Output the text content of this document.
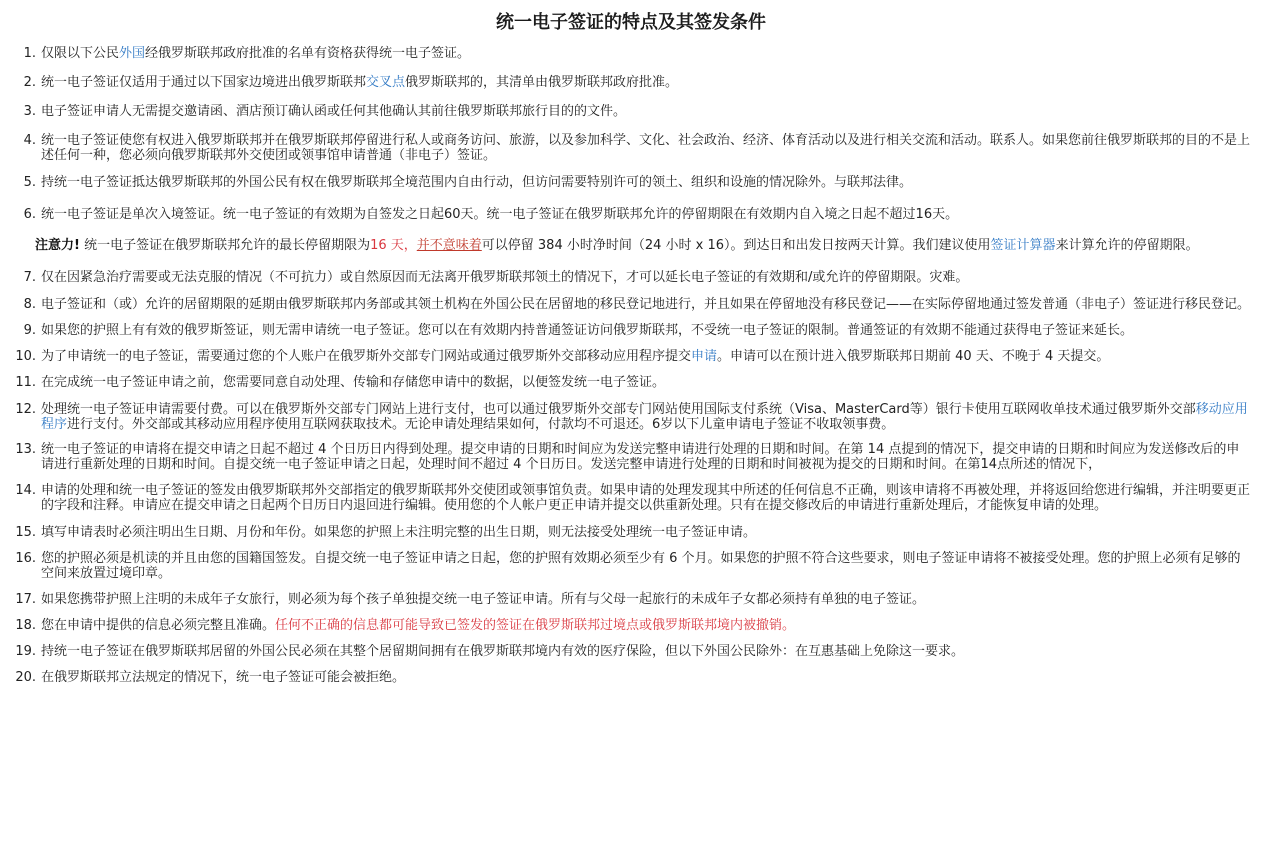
统一电子签证的特点及其签发条件
1. 仅限以下公民外国经俄罗斯联邦政府批准的名单有资格获得统一电子签证。
2. 统一电子签证仅适用于通过以下国家边境进出俄罗斯联邦交叉点俄罗斯联邦的，其清单由俄罗斯联邦政府批准。
3. 电子签证申请人无需提交邀请函、酒店预订确认函或任何其他确认其前往俄罗斯联邦旅行目的的文件。
4. 统一电子签证使您有权进入俄罗斯联邦并在俄罗斯联邦停留进行私人或商务访问、旅游，以及参加科学、文化、社会政治、经济、体育活动以及进行相关交流和活动。联系人。如果您前往俄罗斯联邦的目的不是上述任何一种，您必须向俄罗斯联邦外交使团或领事馆申请普通（非电子）签证。
5. 持统一电子签证抵达俄罗斯联邦的外国公民有权在俄罗斯联邦全境范围内自由行动，但访问需要特别许可的领土、组织和设施的情况除外。与联邦法律。
6. 统一电子签证是单次入境签证。统一电子签证的有效期为自签发之日起60天。统一电子签证在俄罗斯联邦允许的停留期限在有效期内自入境之日起不超过16天。
注意力! 统一电子签证在俄罗斯联邦允许的最长停留期限为16 天，并不意味着可以停留 384 小时净时间（24 小时 x 16）。到达日和出发日按两天计算。我们建议使用签证计算器来计算允许的停留期限。
7. 仅在因紧急治疗需要或无法克服的情况（不可抗力）或自然原因而无法离开俄罗斯联邦领土的情况下，才可以延长电子签证的有效期和/或允许的停留期限。灾难。
8. 电子签证和（或）允许的居留期限的延期由俄罗斯联邦内务部或其领土机构在外国公民在居留地的移民登记地进行，并且如果在停留地没有移民登记——在实际停留地通过签发普通（非电子）签证进行移民登记。
9. 如果您的护照上有有效的俄罗斯签证，则无需申请统一电子签证。您可以在有效期内持普通签证访问俄罗斯联邦，不受统一电子签证的限制。普通签证的有效期不能通过获得电子签证来延长。
10. 为了申请统一的电子签证，需要通过您的个人账户在俄罗斯外交部专门网站或通过俄罗斯外交部移动应用程序提交申请。申请可以在预计进入俄罗斯联邦日期前 40 天、不晚于 4 天提交。
11. 在完成统一电子签证申请之前，您需要同意自动处理、传输和存储您申请中的数据，以便签发统一电子签证。
12. 处理统一电子签证申请需要付费。可以在俄罗斯外交部专门网站上进行支付，也可以通过俄罗斯外交部专门网站使用国际支付系统（Visa、MasterCard等）银行卡使用互联网收单技术通过俄罗斯外交部移动应用程序进行支付。外交部或其移动应用程序使用互联网获取技术。无论申请处理结果如何，付款均不可退还。6岁以下儿童申请电子签证不收取领事费。
13. 统一电子签证的申请将在提交申请之日起不超过 4 个日历日内得到处理。提交申请的日期和时间应为发送完整申请进行处理的日期和时间。在第 14 点提到的情况下，提交申请的日期和时间应为发送修改后的申请进行重新处理的日期和时间。自提交统一电子签证申请之日起，处理时间不超过 4 个日历日。发送完整申请进行处理的日期和时间被视为提交的日期和时间。在第14点所述的情况下，
14. 申请的处理和统一电子签证的签发由俄罗斯联邦外交部指定的俄罗斯联邦外交使团或领事馆负责。如果申请的处理发现其中所述的任何信息不正确，则该申请将不再被处理，并将返回给您进行编辑，并注明要更正的字段和注释。申请应在提交申请之日起两个日历日内退回进行编辑。使用您的个人帐户更正申请并提交以供重新处理。只有在提交修改后的申请进行重新处理后，才能恢复申请的处理。
15. 填写申请表时必须注明出生日期、月份和年份。如果您的护照上未注明完整的出生日期，则无法接受处理统一电子签证申请。
16. 您的护照必须是机读的并且由您的国籍国签发。自提交统一电子签证申请之日起，您的护照有效期必须至少有 6 个月。如果您的护照不符合这些要求，则电子签证申请将不被接受处理。您的护照上必须有足够的空间来放置过境印章。
17. 如果您携带护照上注明的未成年子女旅行，则必须为每个孩子单独提交统一电子签证申请。所有与父母一起旅行的未成年子女都必须持有单独的电子签证。
18. 您在申请中提供的信息必须完整且准确。任何不正确的信息都可能导致已签发的签证在俄罗斯联邦过境点或俄罗斯联邦境内被撤销。
19. 持统一电子签证在俄罗斯联邦居留的外国公民必须在其整个居留期间拥有在俄罗斯联邦境内有效的医疗保险，但以下外国公民除外：在互惠基础上免除这一要求。
20. 在俄罗斯联邦立法规定的情况下，统一电子签证可能会被拒绝。
